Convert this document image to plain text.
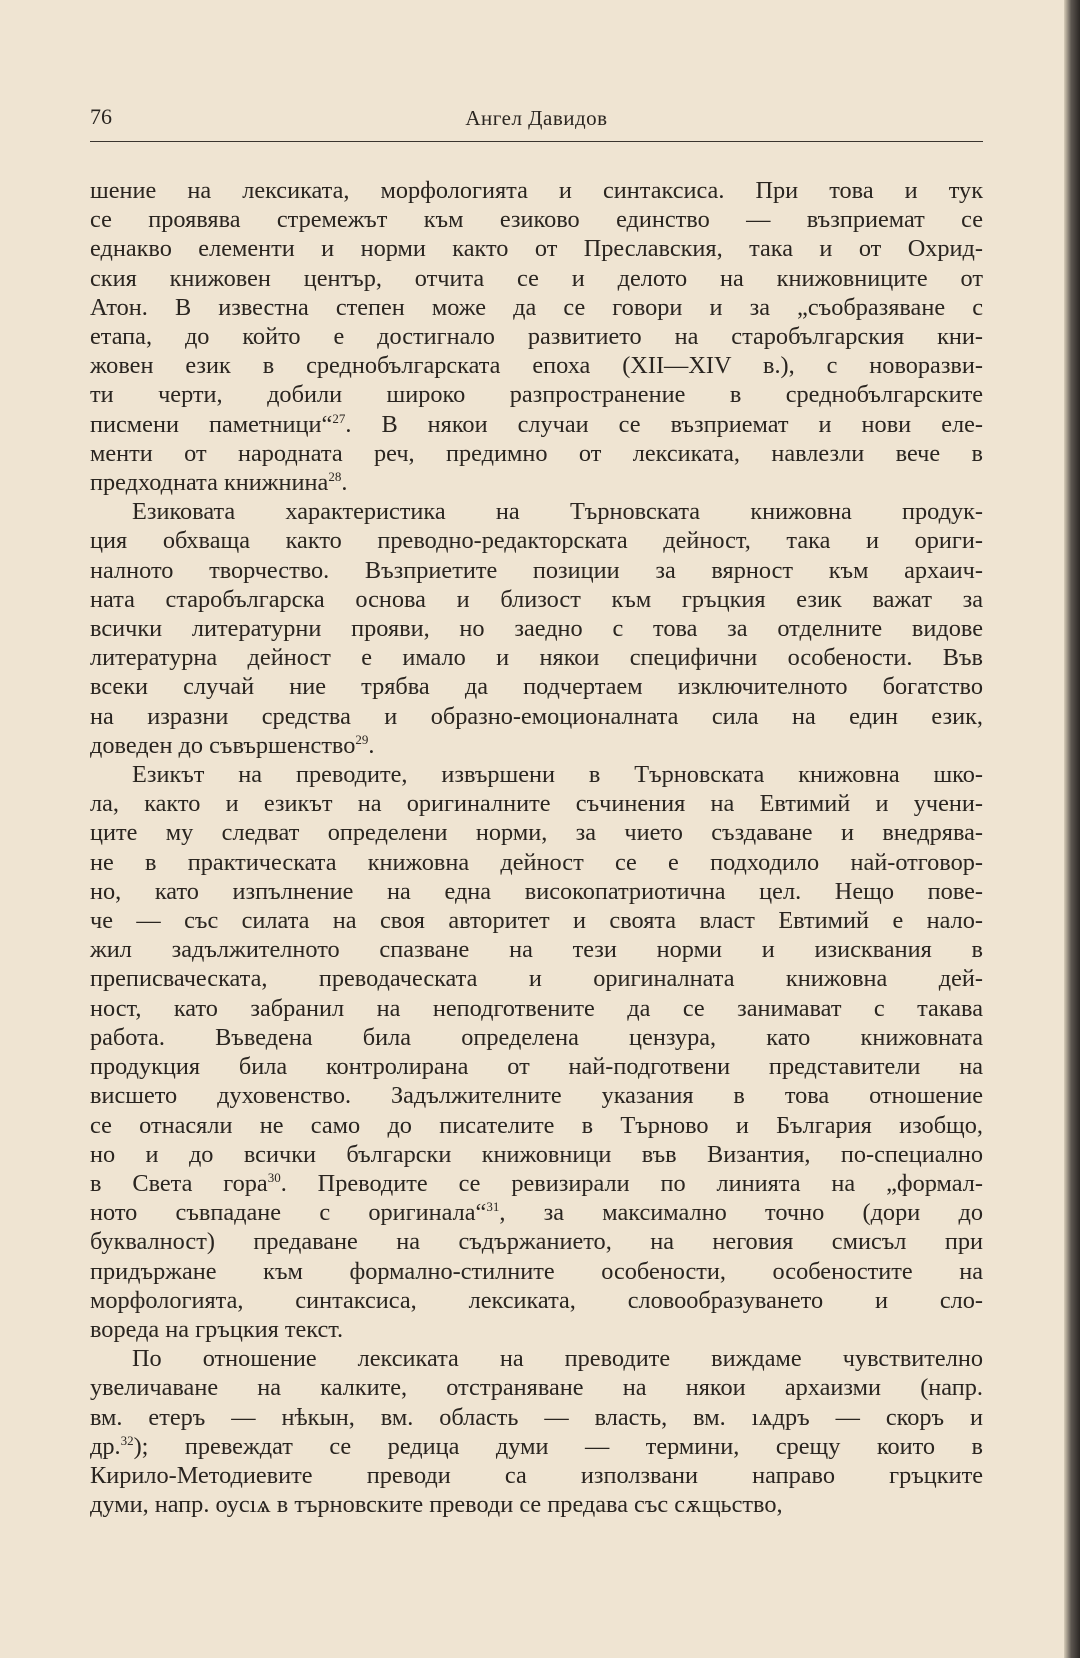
76	Ангел Давидов
шение на лексиката, морфологията и синтаксиса. При това и тук
се проявява стремежът към езиково единство — възприемат се
еднакво елементи и норми както от Преславския, така и от Охрид-
ския книжовен център, отчита се и делото на книжовниците от
Атон. В известна степен може да се говори и за „съобразяване с
етапа, до който е достигнало развитието на старобългарския кни-
жовен език в среднобългарската епоха (XII—XIV в.), с новоразви-
ти черти, добили широко разпространение в среднобългарските
писмени паметници“$^{27}$. В някои случаи се възприемат и нови еле-
менти от народната реч, предимно от лексиката, навлезли вече в
предходната книжнина$^{28}$.
Езиковата характеристика на Търновската книжовна продук-
ция обхваща както преводно-редакторската дейност, така и ориги-
налното творчество. Възприетите позиции за вярност към архаич-
ната старобългарска основа и близост към гръцкия език важат за
всички литературни прояви, но заедно с това за отделните видове
литературна дейност е имало и някои специфични особености. Във
всеки случай ние трябва да подчертаем изключителното богатство
на изразни средства и образно-емоционалната сила на един език,
доведен до съвършенство$^{29}$.
Езикът на преводите, извършени в Търновската книжовна шко-
ла, както и езикът на оригиналните съчинения на Евтимий и учени-
ците му следват определени норми, за чието създаване и внедрява-
не в практическата книжовна дейност се е подходило най-отговор-
но, като изпълнение на една високопатриотична цел. Нещо пове-
че — със силата на своя авторитет и своята власт Евтимий е нало-
жил задължителното спазване на тези норми и изисквания в
преписваческата, преводаческата и оригиналната книжовна дей-
ност, като забранил на неподготвените да се занимават с такава
работа. Въведена била определена цензура, като книжовната
продукция била контролирана от най-подготвени представители на
висшето духовенство. Задължителните указания в това отношение
се отнасяли не само до писателите в Търново и България изобщо,
но и до всички български книжовници във Византия, по-специално
в Света гора$^{30}$. Преводите се ревизирали по линията на „формал-
ното съвпадане с оригинала“$^{31}$, за максимално точно (дори до
буквалност) предаване на съдържанието, на неговия смисъл при
придържане към формално-стилните особености, особеностите на
морфологията, синтаксиса, лексиката, словообразуването и сло-
вореда на гръцкия текст.
По отношение лексиката на преводите виждаме чувствително
увеличаване на калките, отстраняване на някои архаизми (напр.
вм. етеръ — нѣкын, вм. область — власть, вм. ıѧдръ — скоръ и
др.$^{32}$); превеждат се редица думи — термини, срещу които в
Кирило-Методиевите преводи са използвани направо гръцките
думи, напр. оусıѧ в търновските преводи се предава със сѫщьство,
